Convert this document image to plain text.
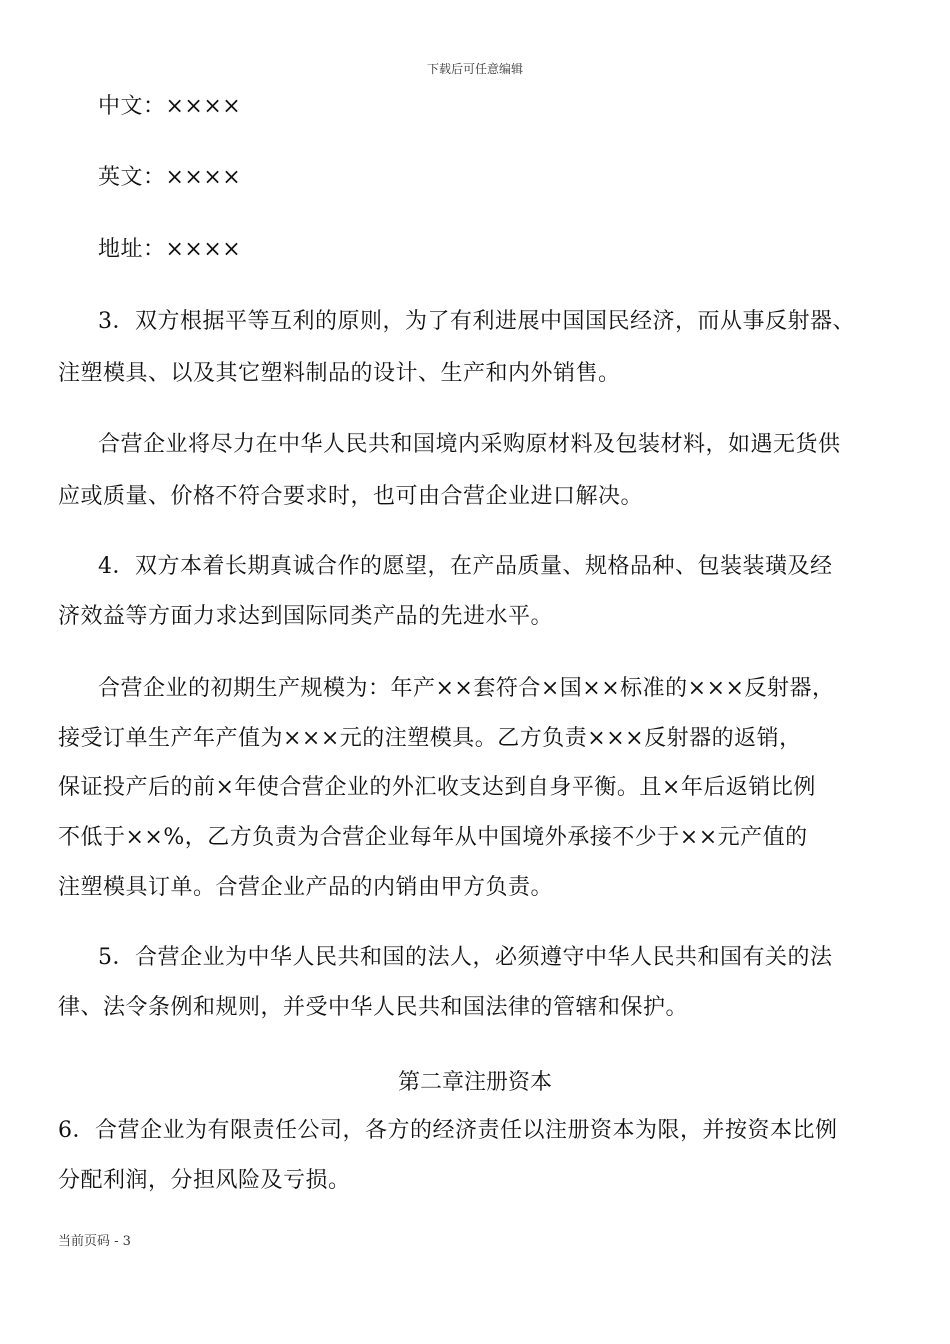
下载后可任意编辑
中文：××××
英文：××××
地址：××××
3．双方根据平等互利的原则，为了有利进展中国国民经济，而从事反射器、
注塑模具、以及其它塑料制品的设计、生产和内外销售。
合营企业将尽力在中华人民共和国境内采购原材料及包装材料，如遇无货供
应或质量、价格不符合要求时，也可由合营企业进口解决。
4．双方本着长期真诚合作的愿望，在产品质量、规格品种、包装装璜及经
济效益等方面力求达到国际同类产品的先进水平。
合营企业的初期生产规模为：年产××套符合×国××标准的×××反射器，
接受订单生产年产值为×××元的注塑模具。乙方负责×××反射器的返销，
保证投产后的前×年使合营企业的外汇收支达到自身平衡。且×年后返销比例
不低于××%，乙方负责为合营企业每年从中国境外承接不少于××元产值的
注塑模具订单。合营企业产品的内销由甲方负责。
5．合营企业为中华人民共和国的法人，必须遵守中华人民共和国有关的法
律、法令条例和规则，并受中华人民共和国法律的管辖和保护。
第二章注册资本
6．合营企业为有限责任公司，各方的经济责任以注册资本为限，并按资本比例
分配利润，分担风险及亏损。
当前页码 - 3
